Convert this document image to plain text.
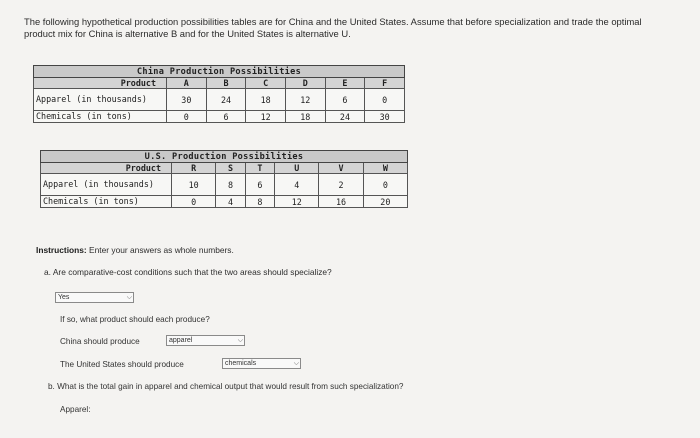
The following hypothetical production possibilities tables are for China and the United States. Assume that before specialization and trade the optimal product mix for China is alternative B and for the United States is alternative U.
China Production Possibilities						
Product	A	B	C	D	E	F
Apparel (in thousands)	30	24	18	12	6	0
Chemicals (in tons)	0	6	12	18	24	30
U.S. Production Possibilities						
Product	R	S	T	U	V	W
Apparel (in thousands)	10	8	6	4	2	0
Chemicals (in tons)	0	4	8	12	16	20
Instructions: Enter your answers as whole numbers.
a. Are comparative-cost conditions such that the two areas should specialize?
Yes	⌵
If so, what product should each produce?
China should produce	apparel	⌵
The United States should produce	chemicals	⌵
b. What is the total gain in apparel and chemical output that would result from such specialization?
Apparel:
